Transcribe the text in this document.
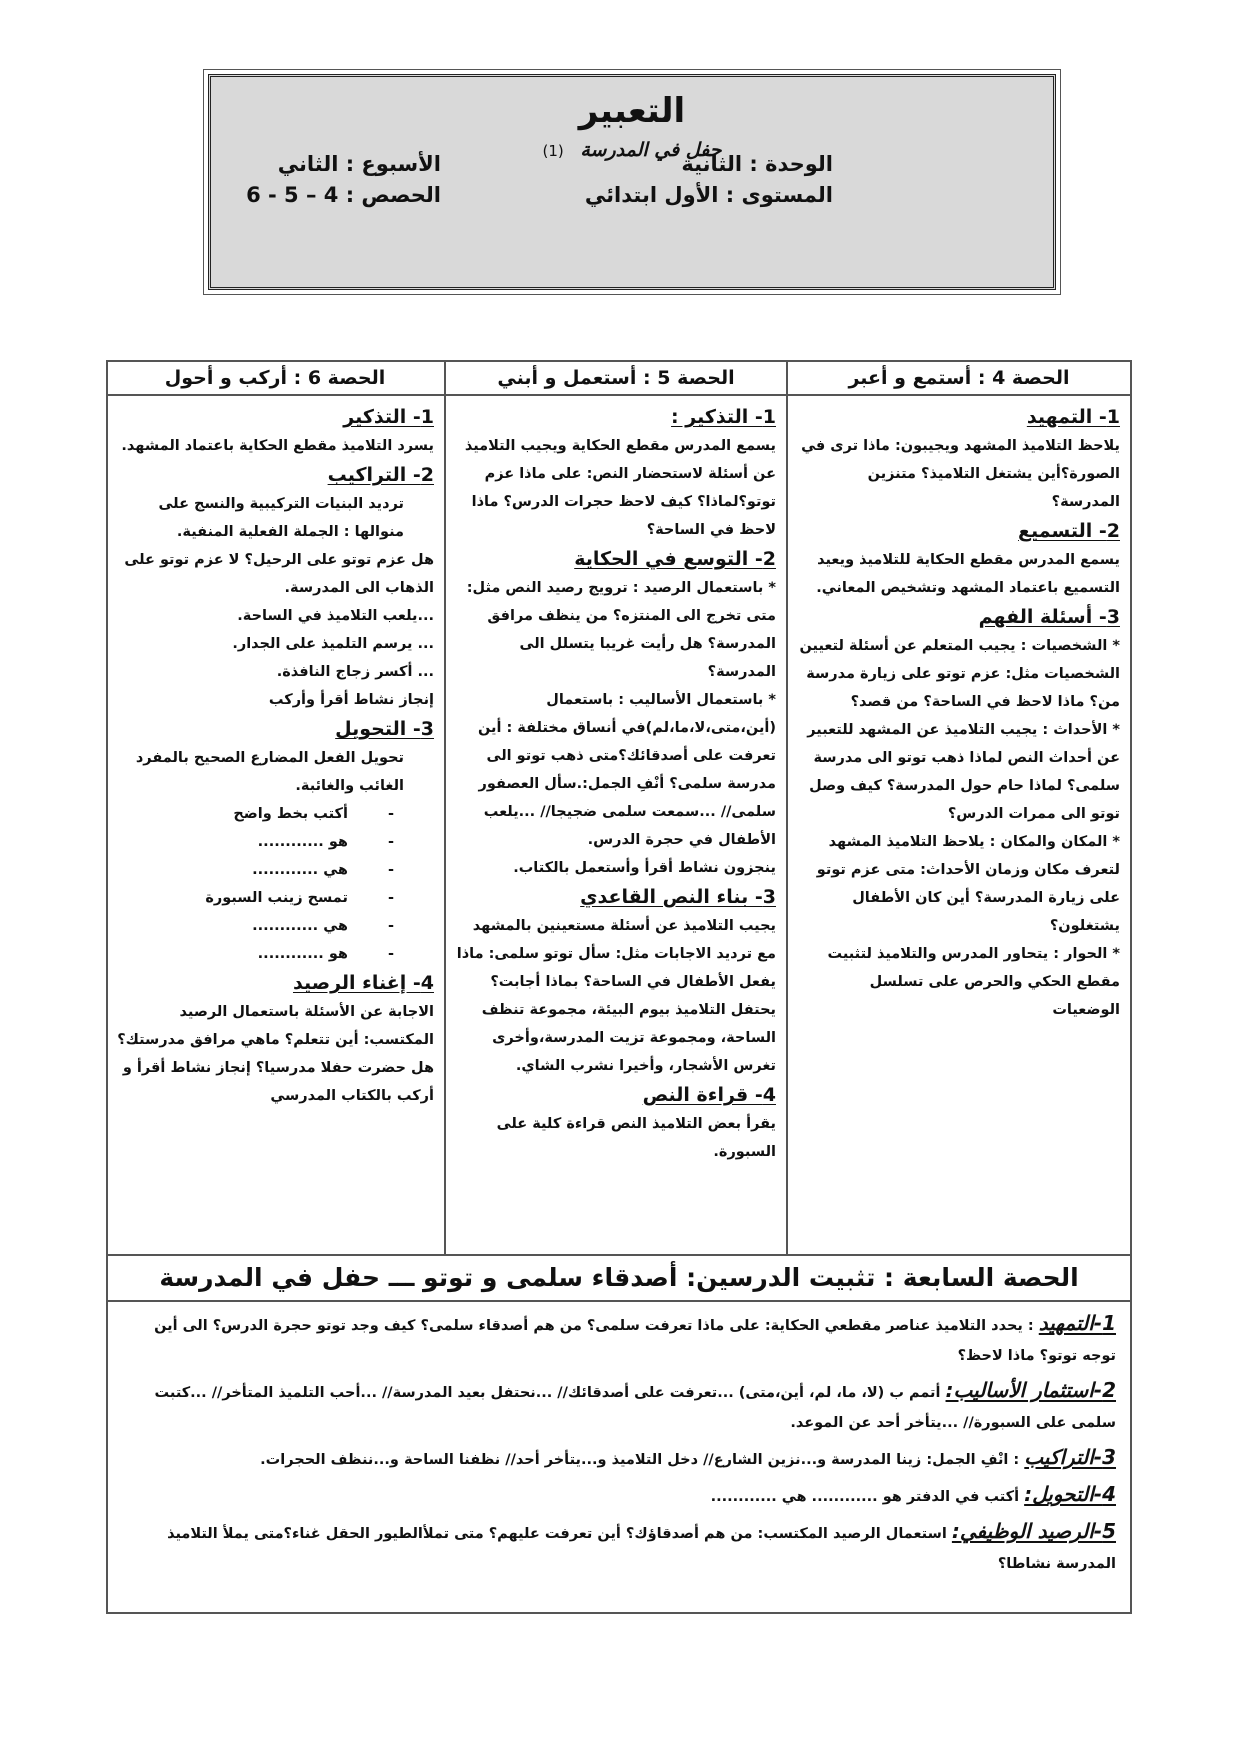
التعبير
حفل في المدرسة (1)
الوحدة : الثانية
الأسبوع : الثاني
المستوى : الأول ابتدائي
الحصص : 4 – 5 - 6
الحصة 4 : أستمع و أعبر
1- التمهيد

يلاحظ التلاميذ المشهد ويجيبون: ماذا ترى في الصورة؟أين يشتغل التلاميذ؟ متنزين المدرسة؟

2- التسميع

يسمع المدرس مقطع الحكاية للتلاميذ ويعيد التسميع باعتماد المشهد وتشخيص المعاني.

3- أسئلة الفهم

* الشخصيات : يجيب المتعلم عن أسئلة لتعيين الشخصيات مثل: عزم توتو على زيارة مدرسة من؟ ماذا لاحظ في الساحة؟ من قصد؟

* الأحداث : يجيب التلاميذ عن المشهد للتعبير عن أحداث النص لماذا ذهب توتو الى مدرسة سلمى؟ لماذا حام حول المدرسة؟ كيف وصل توتو الى ممرات الدرس؟

* المكان والمكان : يلاحظ التلاميذ المشهد لتعرف مكان وزمان الأحداث: متى عزم توتو على زيارة المدرسة؟ أين كان الأطفال يشتغلون؟

* الحوار : يتحاور المدرس والتلاميذ لتثبيت مقطع الحكي والحرص على تسلسل الوضعيات

الحصة 5 : أستعمل و أبني
1- التذكير :

يسمع المدرس مقطع الحكاية ويجيب التلاميذ عن أسئلة لاستحضار النص: على ماذا عزم توتو؟لماذا؟ كيف لاحظ حجرات الدرس؟ ماذا لاحظ في الساحة؟

2- التوسع في الحكاية

* باستعمال الرصيد : ترويج رصيد النص مثل: متى تخرج الى المنتزه؟ من ينظف مرافق المدرسة؟ هل رأيت غريبا يتسلل الى المدرسة؟

* باستعمال الأساليب : باستعمال (أين،متى،لا،ما،لم)في أنساق مختلفة : أين تعرفت على أصدقائك؟متى ذهب توتو الى مدرسة سلمى؟ أنْفِ الجمل:.سأل العصفور سلمى// ...سمعت سلمى ضجيجا// ...يلعب الأطفال في حجرة الدرس.

ينجزون نشاط أقرأ وأستعمل بالكتاب.

3- بناء النص القاعدي

يجيب التلاميذ عن أسئلة مستعينين بالمشهد مع ترديد الاجابات مثل: سأل توتو سلمى: ماذا يفعل الأطفال في الساحة؟ بماذا أجابت؟ يحتفل التلاميذ بيوم البيئة، مجموعة تنظف الساحة، ومجموعة تزيت المدرسة،وأخرى تغرس الأشجار، وأخيرا نشرب الشاي.

4- قراءة النص

يقرأ بعض التلاميذ النص قراءة كلية على السبورة.

الحصة 6 : أركب و أحول
1- التذكير

يسرد التلاميذ مقطع الحكاية باعتماد المشهد.

2- التراكيب

ترديد البنيات التركيبية والنسج على منوالها : الجملة الفعلية المنفية.

هل عزم توتو على الرحيل؟ لا عزم توتو على الذهاب الى المدرسة.

...يلعب التلاميذ في الساحة.

... يرسم التلميذ على الجدار.

... أكسر زجاج النافذة.

إنجاز نشاط أقرأ وأركب

3- التحويل

تحويل الفعل المضارع الصحيح بالمفرد الغائب والغائبة.

-
أكتب بخط واضح
-
هو ............
-
هي ............
-
تمسح زينب السبورة
-
هي ............
-
هو ............
4- إغناء الرصيد

الاجابة عن الأسئلة باستعمال الرصيد المكتسب: أين تتعلم؟ ماهي مرافق مدرستك؟ هل حضرت حفلا مدرسيا؟ إنجاز نشاط أقرأ و أركب بالكتاب المدرسي

الحصة السابعة : تثبيت الدرسين: أصدقاء سلمى و توتو ـــ حفل في المدرسة

1-التمهيد : يحدد التلاميذ عناصر مقطعي الحكاية: على ماذا تعرفت سلمى؟ من هم أصدقاء سلمى؟ كيف وجد توتو حجرة الدرس؟ الى أين توجه توتو؟ ماذا لاحظ؟

2-استثمار الأساليب: أتمم ب (لا، ما، لم، أين،متى) ...تعرفت على أصدقائك// ...نحتفل بعيد المدرسة// ...أحب التلميذ المتأخر// ...كتبت سلمى على السبورة// ...يتأخر أحد عن الموعد.

3-التراكيب : انْفِ الجمل: زينا المدرسة و...نزين الشارع// دخل التلاميذ و...يتأخر أحد// نظفنا الساحة و...ننظف الحجرات.

4-التحويل: أكتب في الدفتر هو ............ هي ............

5-الرصيد الوظيفي: استعمال الرصيد المكتسب: من هم أصدقاؤك؟ أين تعرفت عليهم؟ متى تملأالطيور الحقل غناء؟متى يملأ التلاميذ المدرسة نشاطا؟
